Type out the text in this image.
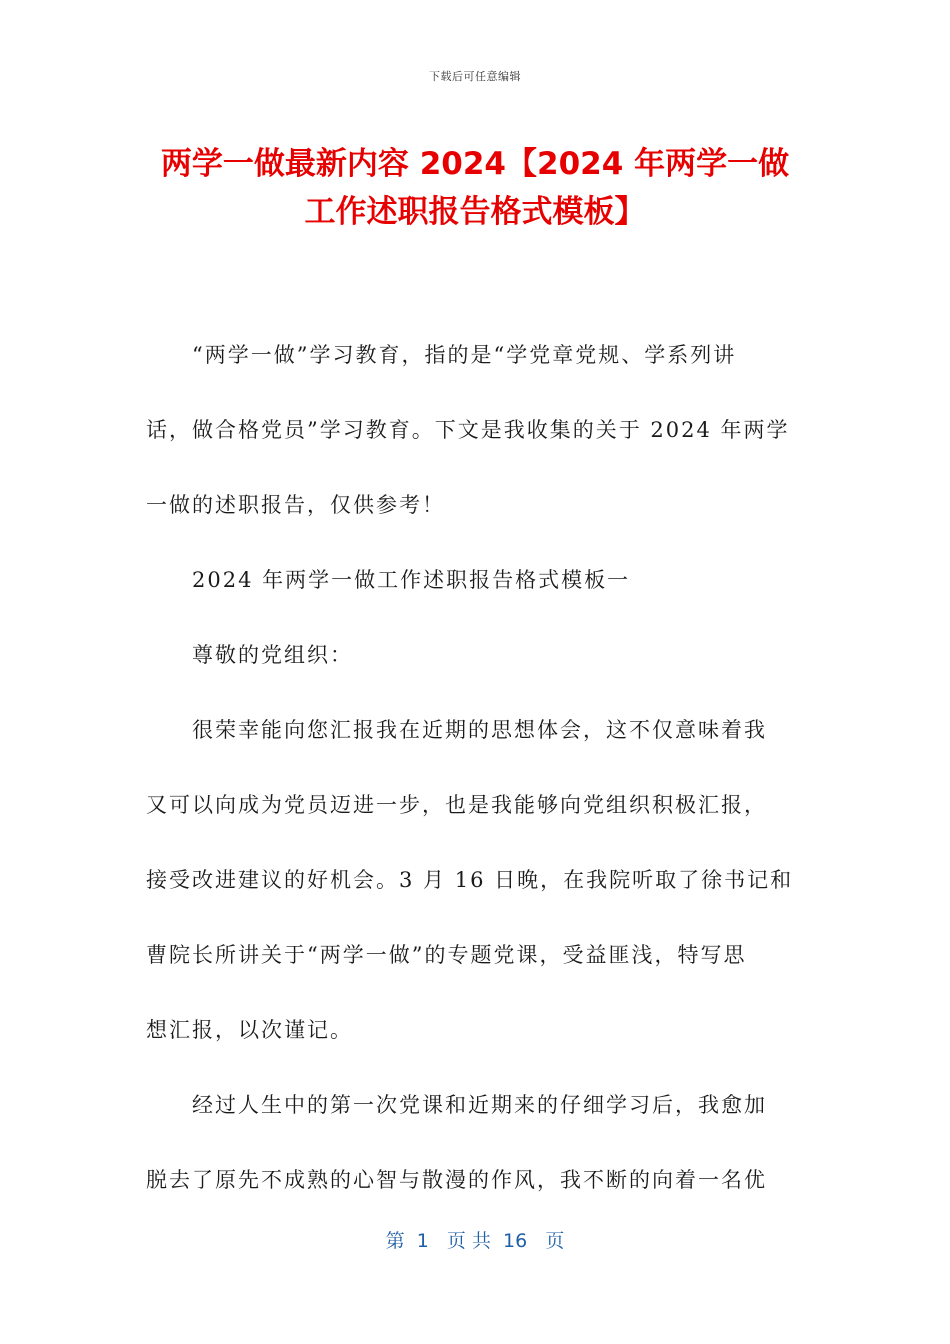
下载后可任意编辑
两学一做最新内容 2024【2024 年两学一做
工作述职报告格式模板】
“两学一做”学习教育，指的是“学党章党规、学系列讲
话，做合格党员”学习教育。下文是我收集的关于 2024 年两学
一做的述职报告，仅供参考！
2024 年两学一做工作述职报告格式模板一
尊敬的党组织：
很荣幸能向您汇报我在近期的思想体会，这不仅意味着我
又可以向成为党员迈进一步，也是我能够向党组织积极汇报，
接受改进建议的好机会。3 月 16 日晚，在我院听取了徐书记和
曹院长所讲关于“两学一做”的专题党课，受益匪浅，特写思
想汇报，以次谨记。
经过人生中的第一次党课和近期来的仔细学习后，我愈加
脱去了原先不成熟的心智与散漫的作风，我不断的向着一名优
第  1   页 共  16   页
